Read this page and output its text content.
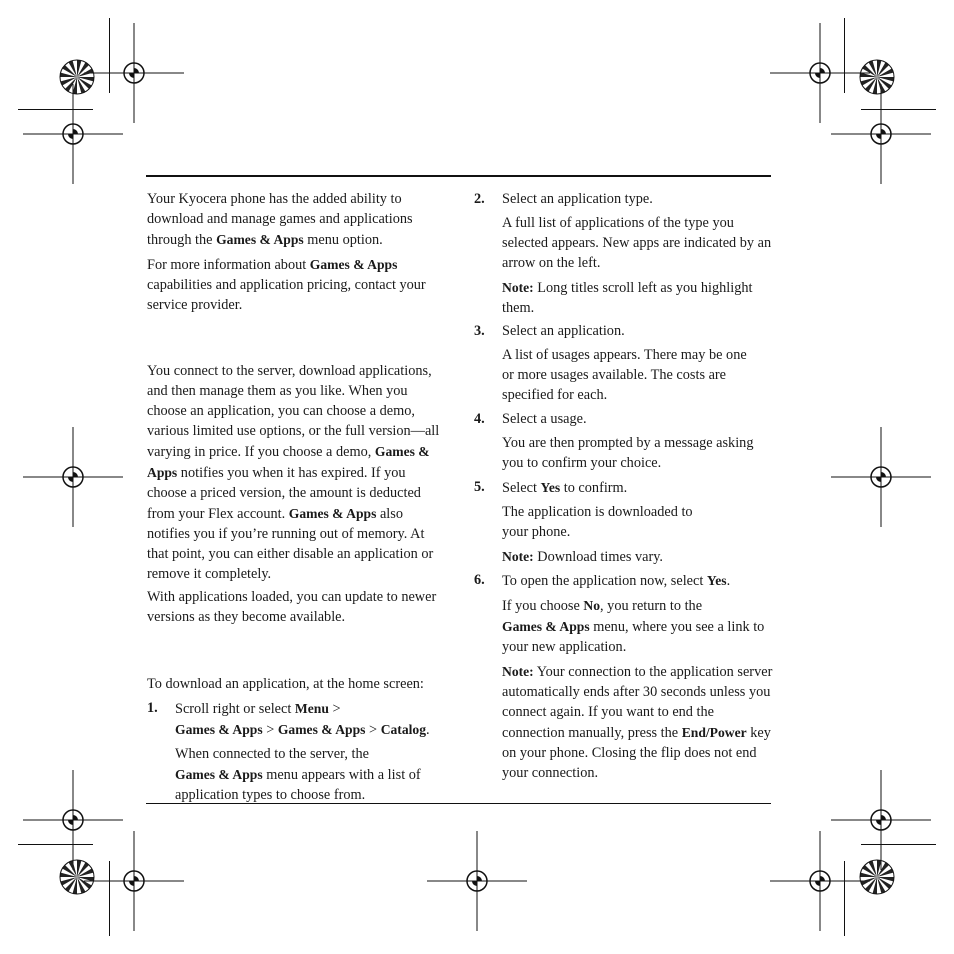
Your Kyocera phone has the added ability to download and manage games and applications through the Games & Apps menu option.

For more information about Games & Apps capabilities and application pricing, contact your service provider.

You connect to the server, download applications, and then manage them as you like. When you choose an application, you can choose a demo, various limited use options, or the full version—all varying in price. If you choose a demo, Games & Apps notifies you when it has expired. If you choose a priced version, the amount is deducted from your Flex account. Games & Apps also notifies you if you’re running out of memory. At that point, you can either disable an application or remove it completely.

With applications loaded, you can update to newer versions as they become available.

To download an application, at the home screen:

1. Scroll right or select Menu >
Games & Apps > Games & Apps > Catalog.

When connected to the server, the
Games & Apps menu appears with a list of application types to choose from.

2. Select an application type.

A full list of applications of the type you selected appears. New apps are indicated by an arrow on the left.

Note: Long titles scroll left as you highlight them.

3. Select an application.

A list of usages appears. There may be one or more usages available. The costs are specified for each.

4. Select a usage.

You are then prompted by a message asking you to confirm your choice.

5. Select Yes to confirm.

The application is downloaded to your phone.

Note: Download times vary.

6. To open the application now, select Yes.

If you choose No, you return to the
Games & Apps menu, where you see a link to your new application.

Note: Your connection to the application server automatically ends after 30 seconds unless you connect again. If you want to end the connection manually, press the End/Power key on your phone. Closing the flip does not end your connection.
